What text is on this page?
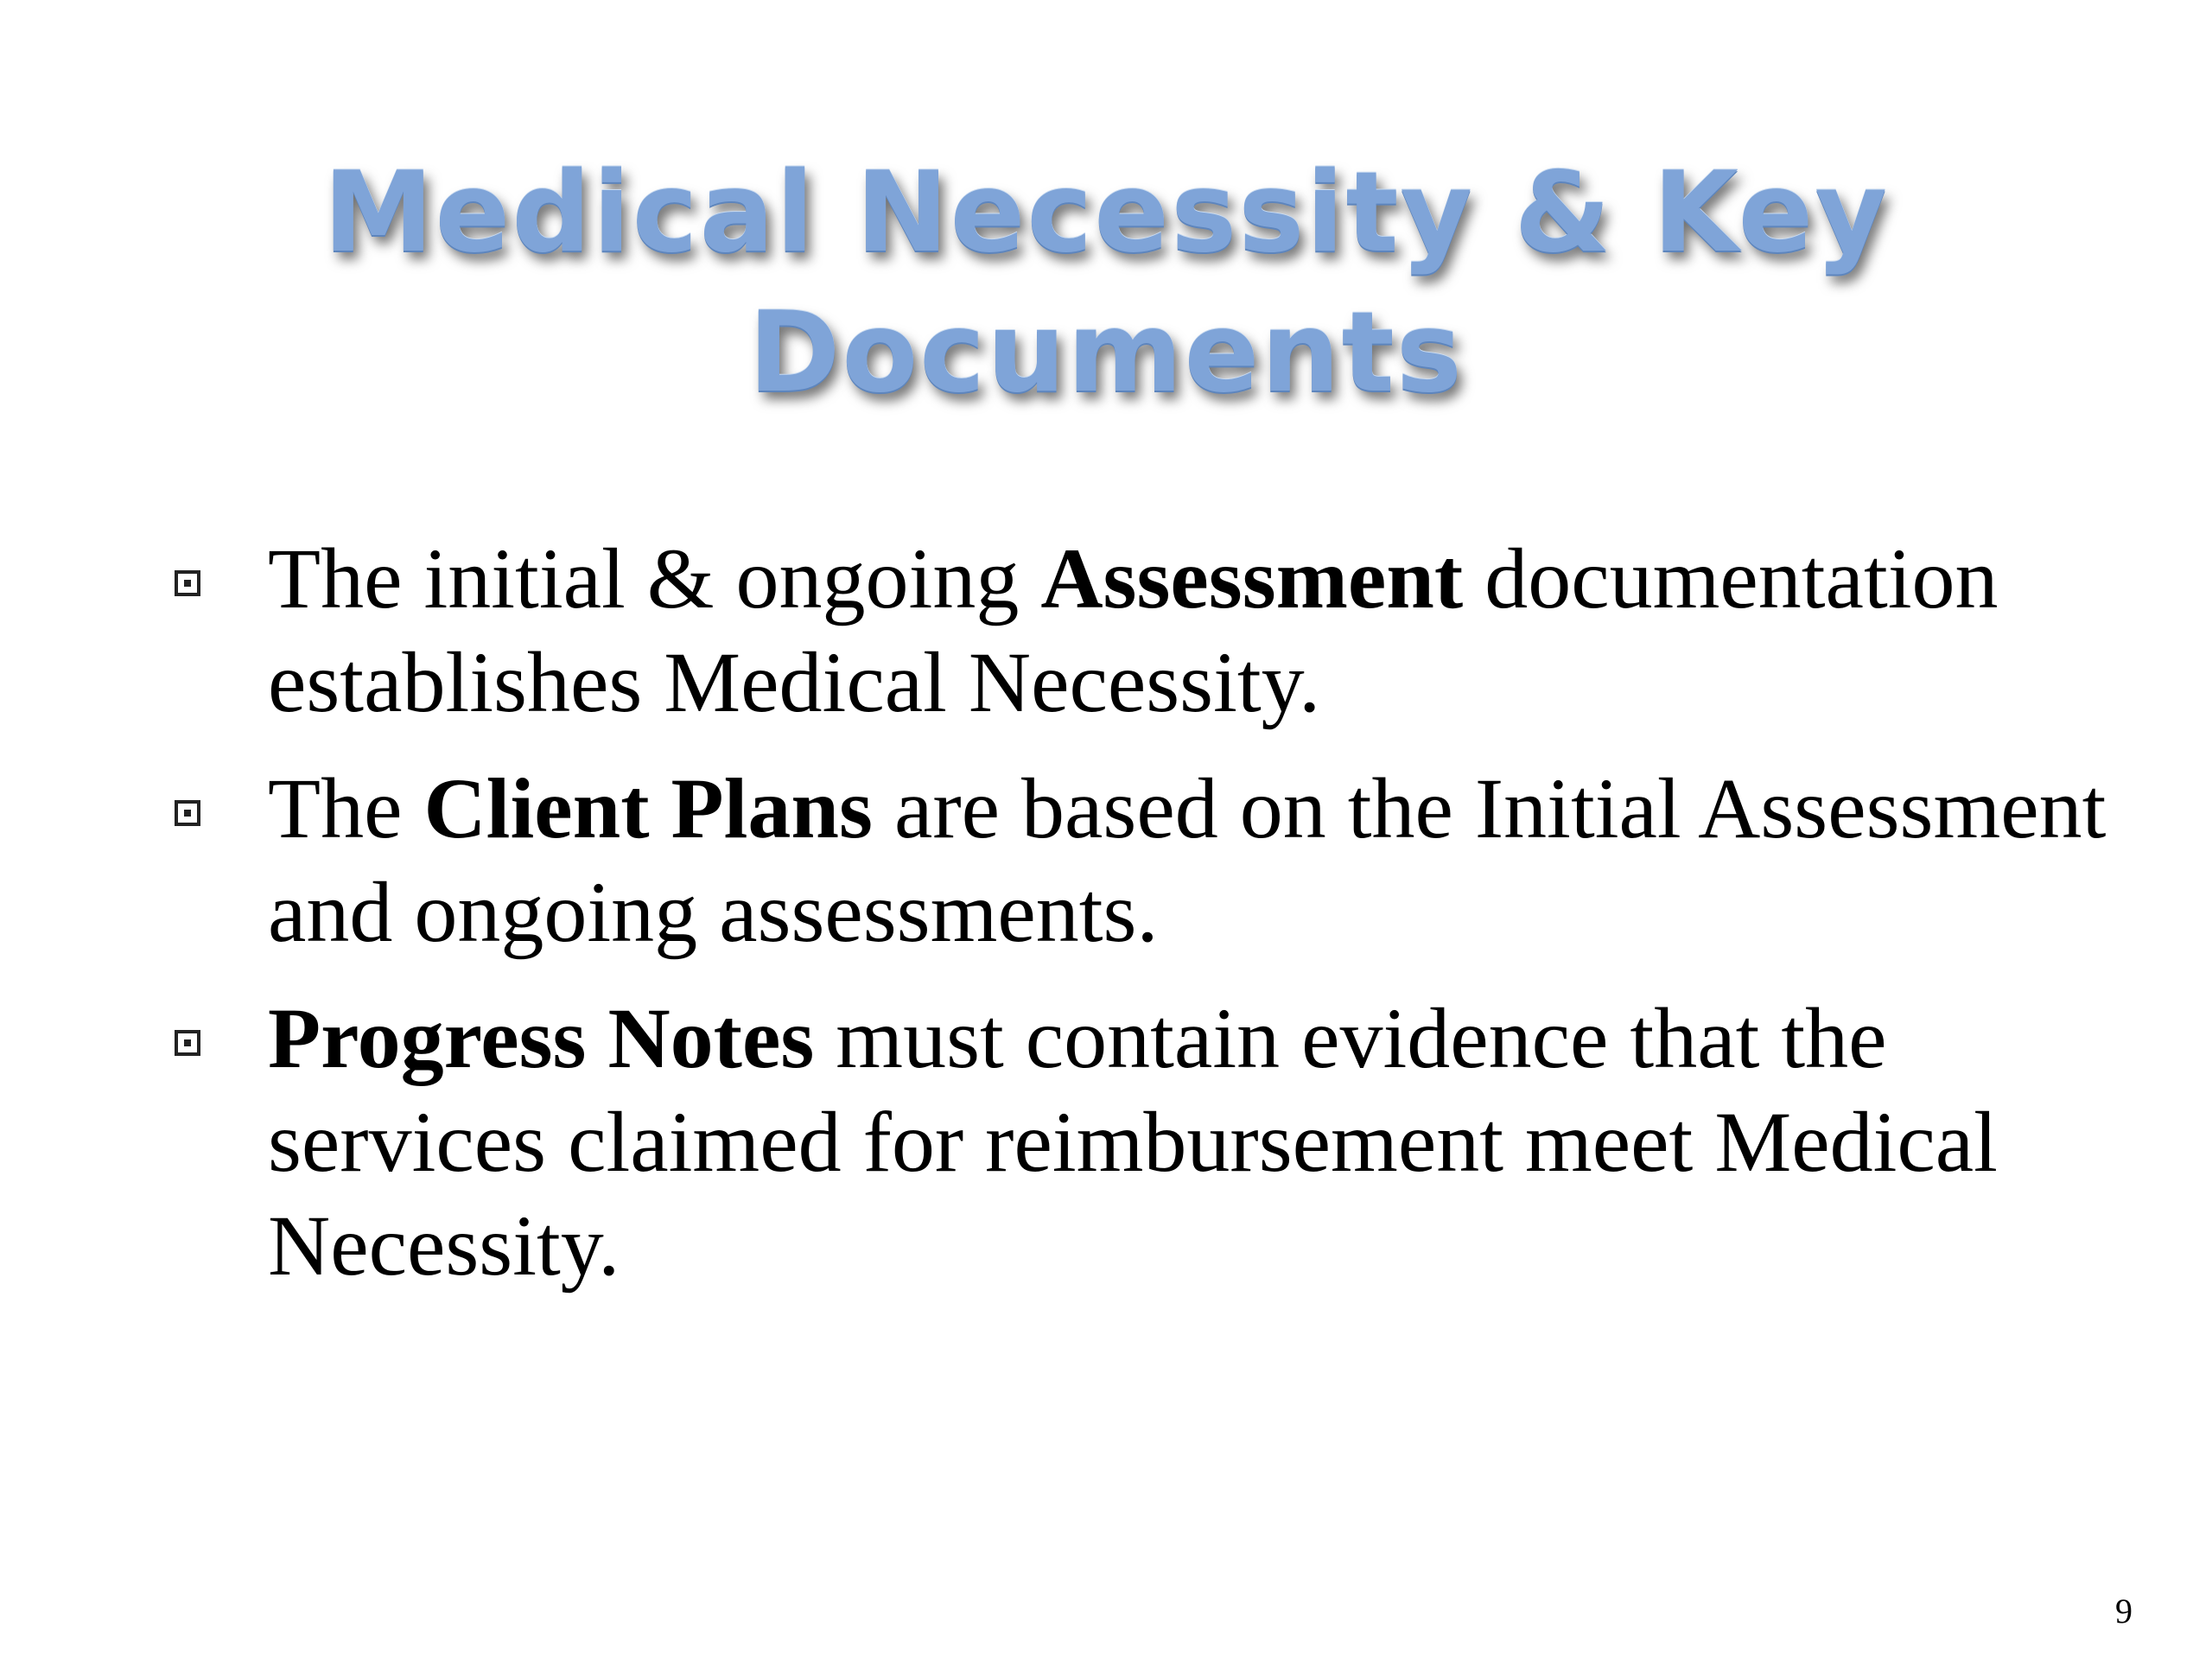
Medical Necessity & Key
Documents
The initial & ongoing Assessment documentation establishes Medical Necessity.
The Client Plans are based on the Initial Assessment and ongoing assessments.
Progress Notes must contain evidence that the services claimed for reimbursement meet Medical Necessity.
9
